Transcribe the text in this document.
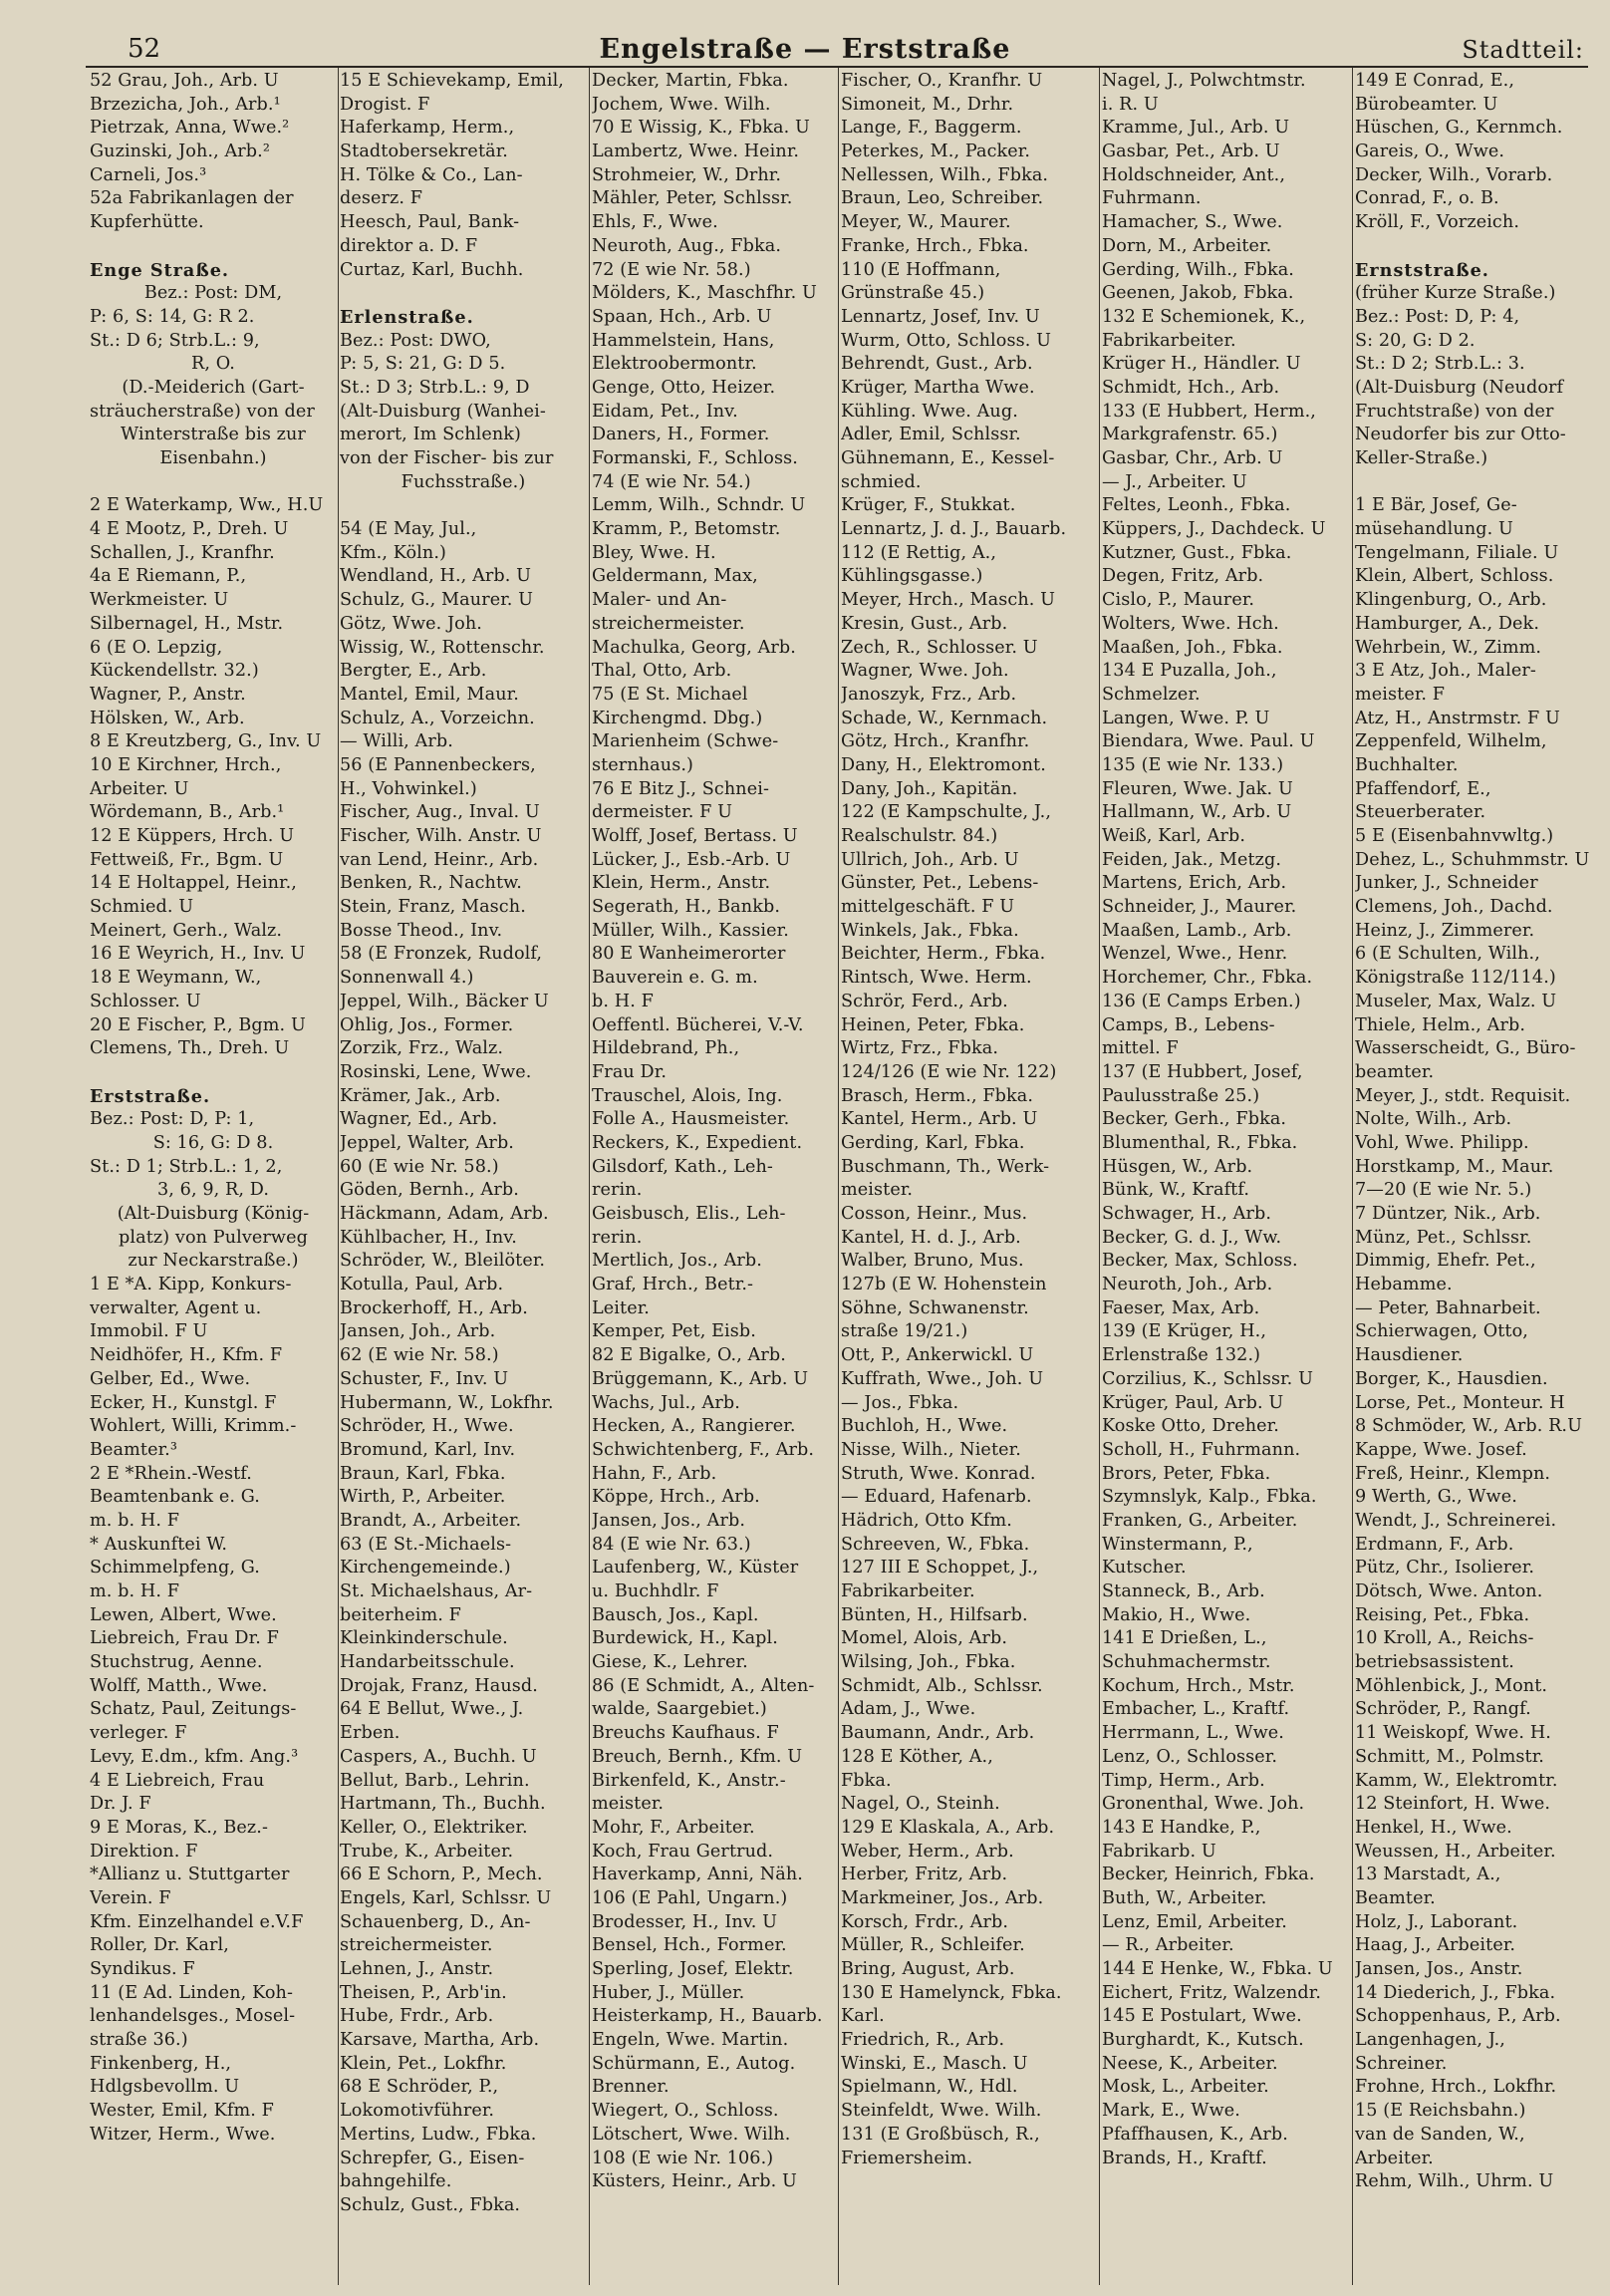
52	Engelstraße — Erststraße	Stadtteil:
52 Grau, Joh., Arb. U
Brzezicha, Joh., Arb.¹
Pietrzak, Anna, Wwe.²
Guzinski, Joh., Arb.²
Carneli, Jos.³
52a Fabrikanlagen der
Kupferhütte.

Enge Straße.
Bez.: Post: DM,
P: 6, S: 14, G: R 2.
St.: D 6; Strb.L.: 9,
R, O.
(D.-Meiderich (Gart-
sträucherstraße) von der
Winterstraße bis zur
Eisenbahn.)

2 E Waterkamp, Ww., H.U
4 E Mootz, P., Dreh. U
Schallen, J., Kranfhr.
4a E Riemann, P.,
Werkmeister. U
Silbernagel, H., Mstr.
6 (E O. Lepzig,
Kückendellstr. 32.)
Wagner, P., Anstr.
Hölsken, W., Arb.
8 E Kreutzberg, G., Inv. U
10 E Kirchner, Hrch.,
Arbeiter. U
Wördemann, B., Arb.¹
12 E Küppers, Hrch. U
Fettweiß, Fr., Bgm. U
14 E Holtappel, Heinr.,
Schmied. U
Meinert, Gerh., Walz.
16 E Weyrich, H., Inv. U
18 E Weymann, W.,
Schlosser. U
20 E Fischer, P., Bgm. U
Clemens, Th., Dreh. U

Erststraße.
Bez.: Post: D, P: 1,
S: 16, G: D 8.
St.: D 1; Strb.L.: 1, 2,
3, 6, 9, R, D.
(Alt-Duisburg (König-
platz) von Pulverweg
zur Neckarstraße.)
1 E *A. Kipp, Konkurs-
verwalter, Agent u.
Immobil. F U
Neidhöfer, H., Kfm. F
Gelber, Ed., Wwe.
Ecker, H., Kunstgl. F
Wohlert, Willi, Krimm.-
Beamter.³
2 E *Rhein.-Westf.
Beamtenbank e. G.
m. b. H. F
* Auskunftei W.
Schimmelpfeng, G.
m. b. H. F
Lewen, Albert, Wwe.
Liebreich, Frau Dr. F
Stuchstrug, Aenne.
Wolff, Matth., Wwe.
Schatz, Paul, Zeitungs-
verleger. F
Levy, E.dm., kfm. Ang.³
4 E Liebreich, Frau
Dr. J. F
9 E Moras, K., Bez.-
Direktion. F
*Allianz u. Stuttgarter
Verein. F
Kfm. Einzelhandel e.V.F
Roller, Dr. Karl,
Syndikus. F
11 (E Ad. Linden, Koh-
lenhandelsges., Mosel-
straße 36.)
Finkenberg, H.,
Hdlgsbevollm. U
Wester, Emil, Kfm. F
Witzer, Herm., Wwe.
15 E Schievekamp, Emil,
Drogist. F
Haferkamp, Herm.,
Stadtobersekretär.
H. Tölke & Co., Lan-
deserz. F
Heesch, Paul, Bank-
direktor a. D. F
Curtaz, Karl, Buchh.

Erlenstraße.
Bez.: Post: DWO,
P: 5, S: 21, G: D 5.
St.: D 3; Strb.L.: 9, D
(Alt-Duisburg (Wanhei-
merort, Im Schlenk)
von der Fischer- bis zur
Fuchsstraße.)

54 (E May, Jul.,
Kfm., Köln.)
Wendland, H., Arb. U
Schulz, G., Maurer. U
Götz, Wwe. Joh.
Wissig, W., Rottenschr.
Bergter, E., Arb.
Mantel, Emil, Maur.
Schulz, A., Vorzeichn.
— Willi, Arb.
56 (E Pannenbeckers,
H., Vohwinkel.)
Fischer, Aug., Inval. U
Fischer, Wilh. Anstr. U
van Lend, Heinr., Arb.
Benken, R., Nachtw.
Stein, Franz, Masch.
Bosse Theod., Inv.
58 (E Fronzek, Rudolf,
Sonnenwall 4.)
Jeppel, Wilh., Bäcker U
Ohlig, Jos., Former.
Zorzik, Frz., Walz.
Rosinski, Lene, Wwe.
Krämer, Jak., Arb.
Wagner, Ed., Arb.
Jeppel, Walter, Arb.
60 (E wie Nr. 58.)
Göden, Bernh., Arb.
Häckmann, Adam, Arb.
Kühlbacher, H., Inv.
Schröder, W., Bleilöter.
Kotulla, Paul, Arb.
Brockerhoff, H., Arb.
Jansen, Joh., Arb.
62 (E wie Nr. 58.)
Schuster, F., Inv. U
Hubermann, W., Lokfhr.
Schröder, H., Wwe.
Bromund, Karl, Inv.
Braun, Karl, Fbka.
Wirth, P., Arbeiter.
Brandt, A., Arbeiter.
63 (E St.-Michaels-
Kirchengemeinde.)
St. Michaelshaus, Ar-
beiterheim. F
Kleinkinderschule.
Handarbeitsschule.
Drojak, Franz, Hausd.
64 E Bellut, Wwe., J.
Erben.
Caspers, A., Buchh. U
Bellut, Barb., Lehrin.
Hartmann, Th., Buchh.
Keller, O., Elektriker.
Trube, K., Arbeiter.
66 E Schorn, P., Mech.
Engels, Karl, Schlssr. U
Schauenberg, D., An-
streichermeister.
Lehnen, J., Anstr.
Theisen, P., Arb'in.
Hube, Frdr., Arb.
Karsave, Martha, Arb.
Klein, Pet., Lokfhr.
68 E Schröder, P.,
Lokomotivführer.
Mertins, Ludw., Fbka.
Schrepfer, G., Eisen-
bahngehilfe.
Schulz, Gust., Fbka.
Decker, Martin, Fbka.
Jochem, Wwe. Wilh.
70 E Wissig, K., Fbka. U
Lambertz, Wwe. Heinr.
Strohmeier, W., Drhr.
Mähler, Peter, Schlssr.
Ehls, F., Wwe.
Neuroth, Aug., Fbka.
72 (E wie Nr. 58.)
Mölders, K., Maschfhr. U
Spaan, Hch., Arb. U
Hammelstein, Hans,
Elektroobermontr.
Genge, Otto, Heizer.
Eidam, Pet., Inv.
Daners, H., Former.
Formanski, F., Schloss.
74 (E wie Nr. 54.)
Lemm, Wilh., Schndr. U
Kramm, P., Betomstr.
Bley, Wwe. H.
Geldermann, Max,
Maler- und An-
streichermeister.
Machulka, Georg, Arb.
Thal, Otto, Arb.
75 (E St. Michael
Kirchengmd. Dbg.)
Marienheim (Schwe-
sternhaus.)
76 E Bitz J., Schnei-
dermeister. F U
Wolff, Josef, Bertass. U
Lücker, J., Esb.-Arb. U
Klein, Herm., Anstr.
Segerath, H., Bankb.
Müller, Wilh., Kassier.
80 E Wanheimerorter
Bauverein e. G. m.
b. H. F
Oeffentl. Bücherei, V.-V.
Hildebrand, Ph.,
Frau Dr.
Trauschel, Alois, Ing.
Folle A., Hausmeister.
Reckers, K., Expedient.
Gilsdorf, Kath., Leh-
rerin.
Geisbusch, Elis., Leh-
rerin.
Mertlich, Jos., Arb.
Graf, Hrch., Betr.-
Leiter.
Kemper, Pet, Eisb.
82 E Bigalke, O., Arb.
Brüggemann, K., Arb. U
Wachs, Jul., Arb.
Hecken, A., Rangierer.
Schwichtenberg, F., Arb.
Hahn, F., Arb.
Köppe, Hrch., Arb.
Jansen, Jos., Arb.
84 (E wie Nr. 63.)
Laufenberg, W., Küster
u. Buchhdlr. F
Bausch, Jos., Kapl.
Burdewick, H., Kapl.
Giese, K., Lehrer.
86 (E Schmidt, A., Alten-
walde, Saargebiet.)
Breuchs Kaufhaus. F
Breuch, Bernh., Kfm. U
Birkenfeld, K., Anstr.-
meister.
Mohr, F., Arbeiter.
Koch, Frau Gertrud.
Haverkamp, Anni, Näh.
106 (E Pahl, Ungarn.)
Brodesser, H., Inv. U
Bensel, Hch., Former.
Sperling, Josef, Elektr.
Huber, J., Müller.
Heisterkamp, H., Bauarb.
Engeln, Wwe. Martin.
Schürmann, E., Autog.
Brenner.
Wiegert, O., Schloss.
Lötschert, Wwe. Wilh.
108 (E wie Nr. 106.)
Küsters, Heinr., Arb. U
Fischer, O., Kranfhr. U
Simoneit, M., Drhr.
Lange, F., Baggerm.
Peterkes, M., Packer.
Nellessen, Wilh., Fbka.
Braun, Leo, Schreiber.
Meyer, W., Maurer.
Franke, Hrch., Fbka.
110 (E Hoffmann,
Grünstraße 45.)
Lennartz, Josef, Inv. U
Wurm, Otto, Schloss. U
Behrendt, Gust., Arb.
Krüger, Martha Wwe.
Kühling. Wwe. Aug.
Adler, Emil, Schlssr.
Gühnemann, E., Kessel-
schmied.
Krüger, F., Stukkat.
Lennartz, J. d. J., Bauarb.
112 (E Rettig, A.,
Kühlingsgasse.)
Meyer, Hrch., Masch. U
Kresin, Gust., Arb.
Zech, R., Schlosser. U
Wagner, Wwe. Joh.
Janoszyk, Frz., Arb.
Schade, W., Kernmach.
Götz, Hrch., Kranfhr.
Dany, H., Elektromont.
Dany, Joh., Kapitän.
122 (E Kampschulte, J.,
Realschulstr. 84.)
Ullrich, Joh., Arb. U
Günster, Pet., Lebens-
mittelgeschäft. F U
Winkels, Jak., Fbka.
Beichter, Herm., Fbka.
Rintsch, Wwe. Herm.
Schrör, Ferd., Arb.
Heinen, Peter, Fbka.
Wirtz, Frz., Fbka.
124/126 (E wie Nr. 122)
Brasch, Herm., Fbka.
Kantel, Herm., Arb. U
Gerding, Karl, Fbka.
Buschmann, Th., Werk-
meister.
Cosson, Heinr., Mus.
Kantel, H. d. J., Arb.
Walber, Bruno, Mus.
127b (E W. Hohenstein
Söhne, Schwanenstr.
straße 19/21.)
Ott, P., Ankerwickl. U
Kuffrath, Wwe., Joh. U
— Jos., Fbka.
Buchloh, H., Wwe.
Nisse, Wilh., Nieter.
Struth, Wwe. Konrad.
— Eduard, Hafenarb.
Hädrich, Otto Kfm.
Schreeven, W., Fbka.
127 III E Schoppet, J.,
Fabrikarbeiter.
Bünten, H., Hilfsarb.
Momel, Alois, Arb.
Wilsing, Joh., Fbka.
Schmidt, Alb., Schlssr.
Adam, J., Wwe.
Baumann, Andr., Arb.
128 E Köther, A.,
Fbka.
Nagel, O., Steinh.
129 E Klaskala, A., Arb.
Weber, Herm., Arb.
Herber, Fritz, Arb.
Markmeiner, Jos., Arb.
Korsch, Frdr., Arb.
Müller, R., Schleifer.
Bring, August, Arb.
130 E Hamelynck, Fbka.
Karl.
Friedrich, R., Arb.
Winski, E., Masch. U
Spielmann, W., Hdl.
Steinfeldt, Wwe. Wilh.
131 (E Großbüsch, R.,
Friemersheim.
Nagel, J., Polwchtmstr.
i. R. U
Kramme, Jul., Arb. U
Gasbar, Pet., Arb. U
Holdschneider, Ant.,
Fuhrmann.
Hamacher, S., Wwe.
Dorn, M., Arbeiter.
Gerding, Wilh., Fbka.
Geenen, Jakob, Fbka.
132 E Schemionek, K.,
Fabrikarbeiter.
Krüger H., Händler. U
Schmidt, Hch., Arb.
133 (E Hubbert, Herm.,
Markgrafenstr. 65.)
Gasbar, Chr., Arb. U
— J., Arbeiter. U
Feltes, Leonh., Fbka.
Küppers, J., Dachdeck. U
Kutzner, Gust., Fbka.
Degen, Fritz, Arb.
Cislo, P., Maurer.
Wolters, Wwe. Hch.
Maaßen, Joh., Fbka.
134 E Puzalla, Joh.,
Schmelzer.
Langen, Wwe. P. U
Biendara, Wwe. Paul. U
135 (E wie Nr. 133.)
Fleuren, Wwe. Jak. U
Hallmann, W., Arb. U
Weiß, Karl, Arb.
Feiden, Jak., Metzg.
Martens, Erich, Arb.
Schneider, J., Maurer.
Maaßen, Lamb., Arb.
Wenzel, Wwe., Henr.
Horchemer, Chr., Fbka.
136 (E Camps Erben.)
Camps, B., Lebens-
mittel. F
137 (E Hubbert, Josef,
Paulusstraße 25.)
Becker, Gerh., Fbka.
Blumenthal, R., Fbka.
Hüsgen, W., Arb.
Bünk, W., Kraftf.
Schwager, H., Arb.
Becker, G. d. J., Ww.
Becker, Max, Schloss.
Neuroth, Joh., Arb.
Faeser, Max, Arb.
139 (E Krüger, H.,
Erlenstraße 132.)
Corzilius, K., Schlssr. U
Krüger, Paul, Arb. U
Koske Otto, Dreher.
Scholl, H., Fuhrmann.
Brors, Peter, Fbka.
Szymnslyk, Kalp., Fbka.
Franken, G., Arbeiter.
Winstermann, P.,
Kutscher.
Stanneck, B., Arb.
Makio, H., Wwe.
141 E Drießen, L.,
Schuhmachermstr.
Kochum, Hrch., Mstr.
Embacher, L., Kraftf.
Herrmann, L., Wwe.
Lenz, O., Schlosser.
Timp, Herm., Arb.
Gronenthal, Wwe. Joh.
143 E Handke, P.,
Fabrikarb. U
Becker, Heinrich, Fbka.
Buth, W., Arbeiter.
Lenz, Emil, Arbeiter.
— R., Arbeiter.
144 E Henke, W., Fbka. U
Eichert, Fritz, Walzendr.
145 E Postulart, Wwe.
Burghardt, K., Kutsch.
Neese, K., Arbeiter.
Mosk, L., Arbeiter.
Mark, E., Wwe.
Pfaffhausen, K., Arb.
Brands, H., Kraftf.
149 E Conrad, E.,
Bürobeamter. U
Hüschen, G., Kernmch.
Gareis, O., Wwe.
Decker, Wilh., Vorarb.
Conrad, F., o. B.
Kröll, F., Vorzeich.

Ernststraße.
(früher Kurze Straße.)
Bez.: Post: D, P: 4,
S: 20, G: D 2.
St.: D 2; Strb.L.: 3.
(Alt-Duisburg (Neudorf
Fruchtstraße) von der
Neudorfer bis zur Otto-
Keller-Straße.)

1 E Bär, Josef, Ge-
müsehandlung. U
Tengelmann, Filiale. U
Klein, Albert, Schloss.
Klingenburg, O., Arb.
Hamburger, A., Dek.
Wehrbein, W., Zimm.
3 E Atz, Joh., Maler-
meister. F
Atz, H., Anstrmstr. F U
Zeppenfeld, Wilhelm,
Buchhalter.
Pfaffendorf, E.,
Steuerberater.
5 E (Eisenbahnvwltg.)
Dehez, L., Schuhmmstr. U
Junker, J., Schneider
Clemens, Joh., Dachd.
Heinz, J., Zimmerer.
6 (E Schulten, Wilh.,
Königstraße 112/114.)
Museler, Max, Walz. U
Thiele, Helm., Arb.
Wasserscheidt, G., Büro-
beamter.
Meyer, J., stdt. Requisit.
Nolte, Wilh., Arb.
Vohl, Wwe. Philipp.
Horstkamp, M., Maur.
7—20 (E wie Nr. 5.)
7 Düntzer, Nik., Arb.
Münz, Pet., Schlssr.
Dimmig, Ehefr. Pet.,
Hebamme.
— Peter, Bahnarbeit.
Schierwagen, Otto,
Hausdiener.
Borger, K., Hausdien.
Lorse, Pet., Monteur. H
8 Schmöder, W., Arb. R.U
Kappe, Wwe. Josef.
Freß, Heinr., Klempn.
9 Werth, G., Wwe.
Wendt, J., Schreinerei.
Erdmann, F., Arb.
Pütz, Chr., Isolierer.
Dötsch, Wwe. Anton.
Reising, Pet., Fbka.
10 Kroll, A., Reichs-
betriebsassistent.
Möhlenbick, J., Mont.
Schröder, P., Rangf.
11 Weiskopf, Wwe. H.
Schmitt, M., Polmstr.
Kamm, W., Elektromtr.
12 Steinfort, H. Wwe.
Henkel, H., Wwe.
Weussen, H., Arbeiter.
13 Marstadt, A.,
Beamter.
Holz, J., Laborant.
Haag, J., Arbeiter.
Jansen, Jos., Anstr.
14 Diederich, J., Fbka.
Schoppenhaus, P., Arb.
Langenhagen, J.,
Schreiner.
Frohne, Hrch., Lokfhr.
15 (E Reichsbahn.)
van de Sanden, W.,
Arbeiter.
Rehm, Wilh., Uhrm. U
